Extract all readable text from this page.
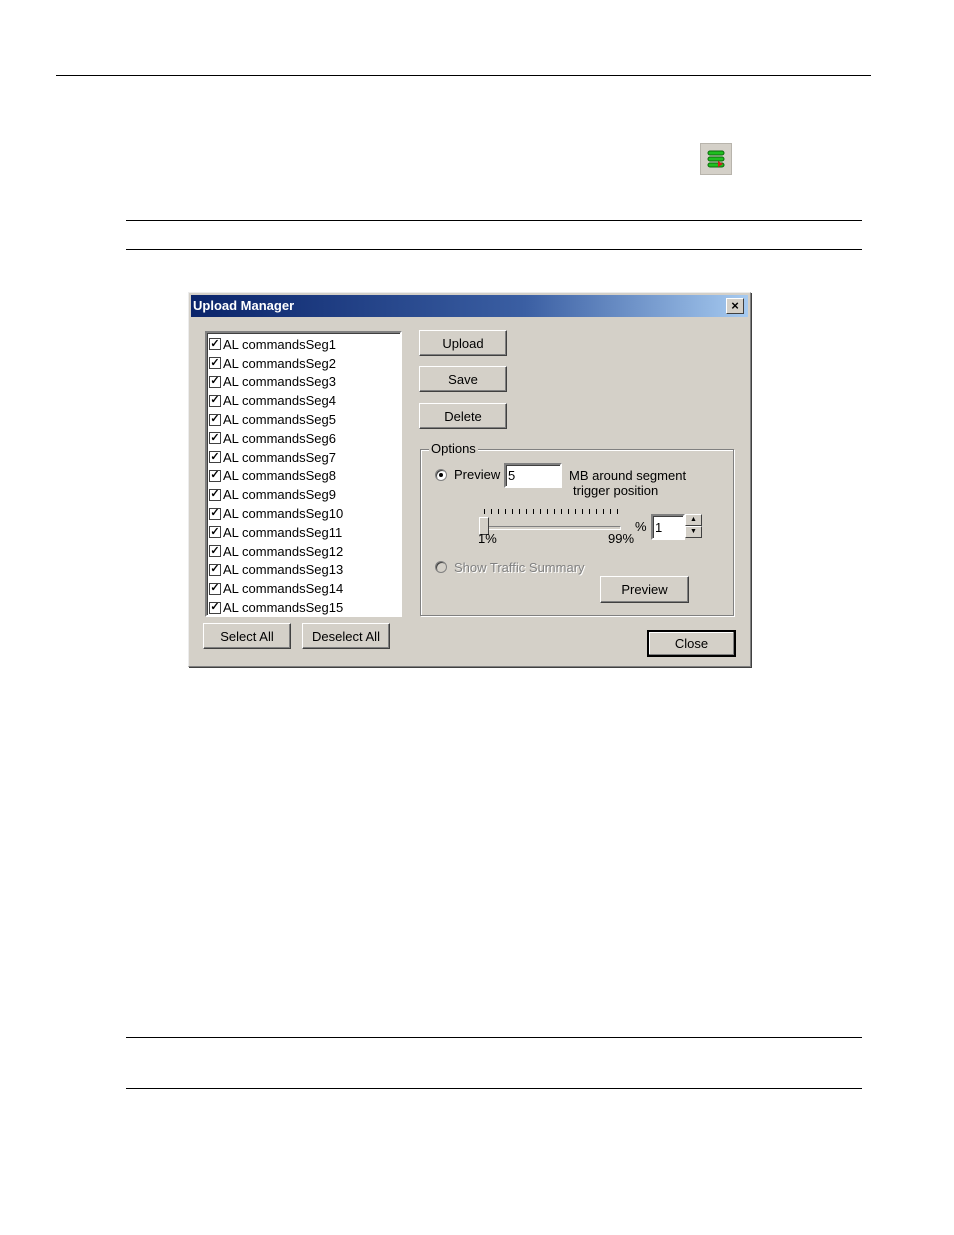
Upload Manager	×
✓ AL commandsSeg1
✓ AL commandsSeg2
✓ AL commandsSeg3
✓ AL commandsSeg4
✓ AL commandsSeg5
✓ AL commandsSeg6
✓ AL commandsSeg7
✓ AL commandsSeg8
✓ AL commandsSeg9
✓ AL commandsSeg10
✓ AL commandsSeg11
✓ AL commandsSeg12
✓ AL commandsSeg13
✓ AL commandsSeg14
✓ AL commandsSeg15
Select All	Deselect All
Upload
Save
Delete
Options
Preview
5	MB around segment
trigger position
1%	99%
%
1	▲
▼
Show Traffic Summary
Preview
Close
